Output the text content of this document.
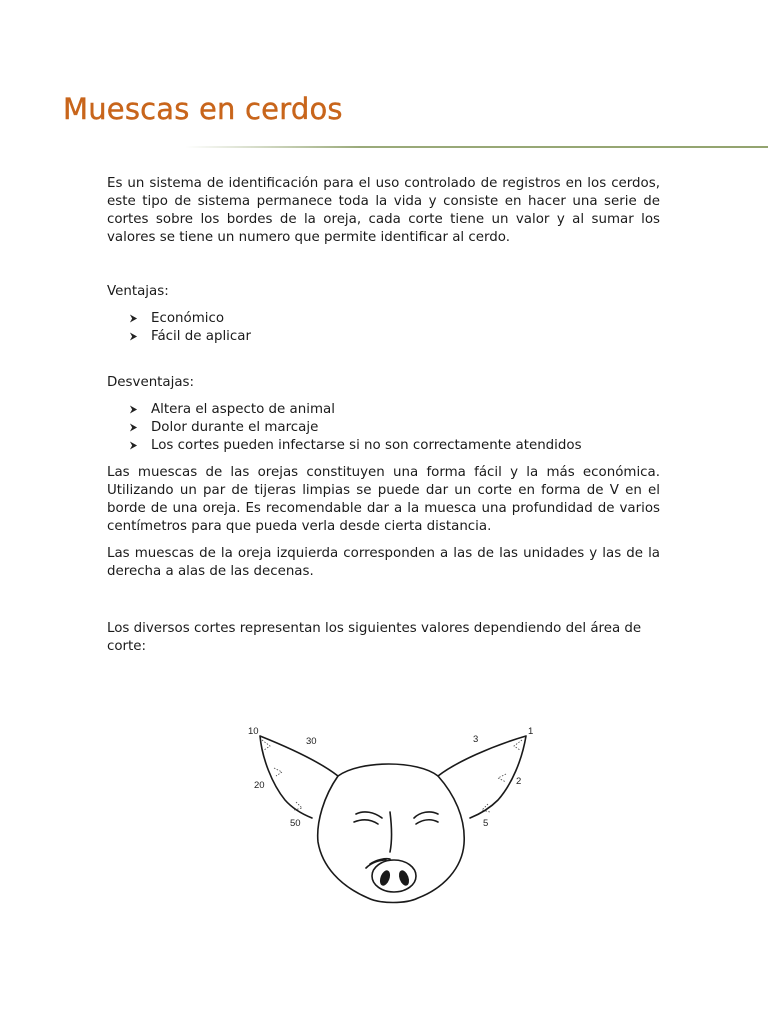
Muescas en cerdos

Es un sistema de identificación para el uso controlado de registros en los cerdos, este tipo de sistema permanece toda la vida y consiste en hacer una serie de cortes sobre los bordes de la oreja, cada corte tiene un valor y al sumar los valores se tiene un numero que permite identificar al cerdo.

Ventajas:

Económico
Fácil de aplicar

Desventajas:

Altera el aspecto de animal
Dolor durante el marcaje
Los cortes pueden infectarse si no son correctamente atendidos

Las muescas de las orejas constituyen una forma fácil y la más económica. Utilizando un par de tijeras limpias se puede dar un corte en forma de V en el borde de una oreja. Es recomendable dar a la muesca una profundidad de varios centímetros para que pueda verla desde cierta distancia.

Las muescas de la oreja izquierda corresponden a las de las unidades y las de la derecha a alas de las decenas.

Los diversos cortes representan los siguientes valores dependiendo del área de corte:

10
30
20
50
3
1
2
5
